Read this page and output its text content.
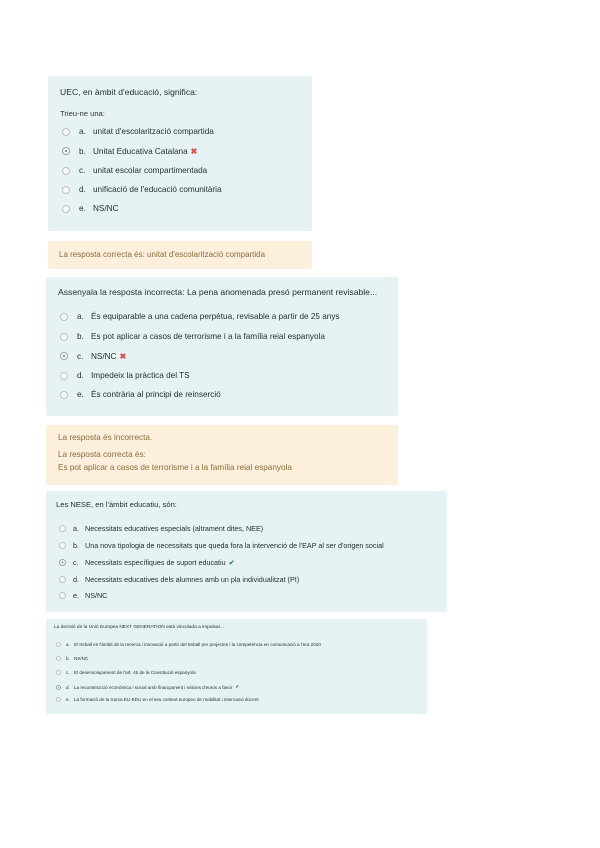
UEC, en àmbit d'educació, significa:
Trieu-ne una:
a. unitat d'escolarització compartida
b. Unitat Educativa Catalana ✖
c. unitat escolar compartimentada
d. unificació de l'educació comunitària
e. NS/NC
La resposta correcta és: unitat d'escolarització compartida
Assenyala la resposta incorrecta: La pena anomenada presó permanent revisable...
a. És equiparable a una cadena perpètua, revisable a partir de 25 anys
b. Es pot aplicar a casos de terrorisme i a la família reial espanyola
c. NS/NC ✖
d. Impedeix la pràctica del TS
e. És contrària al principi de reinserció
La resposta és incorrecta.
La resposta correcta és:
Es pot aplicar a casos de terrorisme i a la família reial espanyola
Les NESE, en l'àmbit educatiu, són:
a. Necessitats educatives especials (altrament dites, NEE)
b. Una nova tipologia de necessitats que queda fora la intervenció de l'EAP al ser d'origen social
c. Necessitats específiques de suport educatiu ✔
d. Necessitats educatives dels alumnes amb un pla individualitzat (PI)
e. NS/NC
La decisió de la Unió Europea NEXT GENERATION està vinculada a impulsar...
a. El treball en l'àmbit de la recerca i innovació a partir del treball per projectes i la competència en comunicació a l'era 2020
b. NS/NC
c. El desenvolupament de l'art. 45 de la Constitució espanyola
d. La reconstrucció econòmica i social amb finançament i milions d'euros a favor ✔
e. La formació de la Xarxa EU-EDU en el seu context europeu de mobilitat i intercanvi docent
